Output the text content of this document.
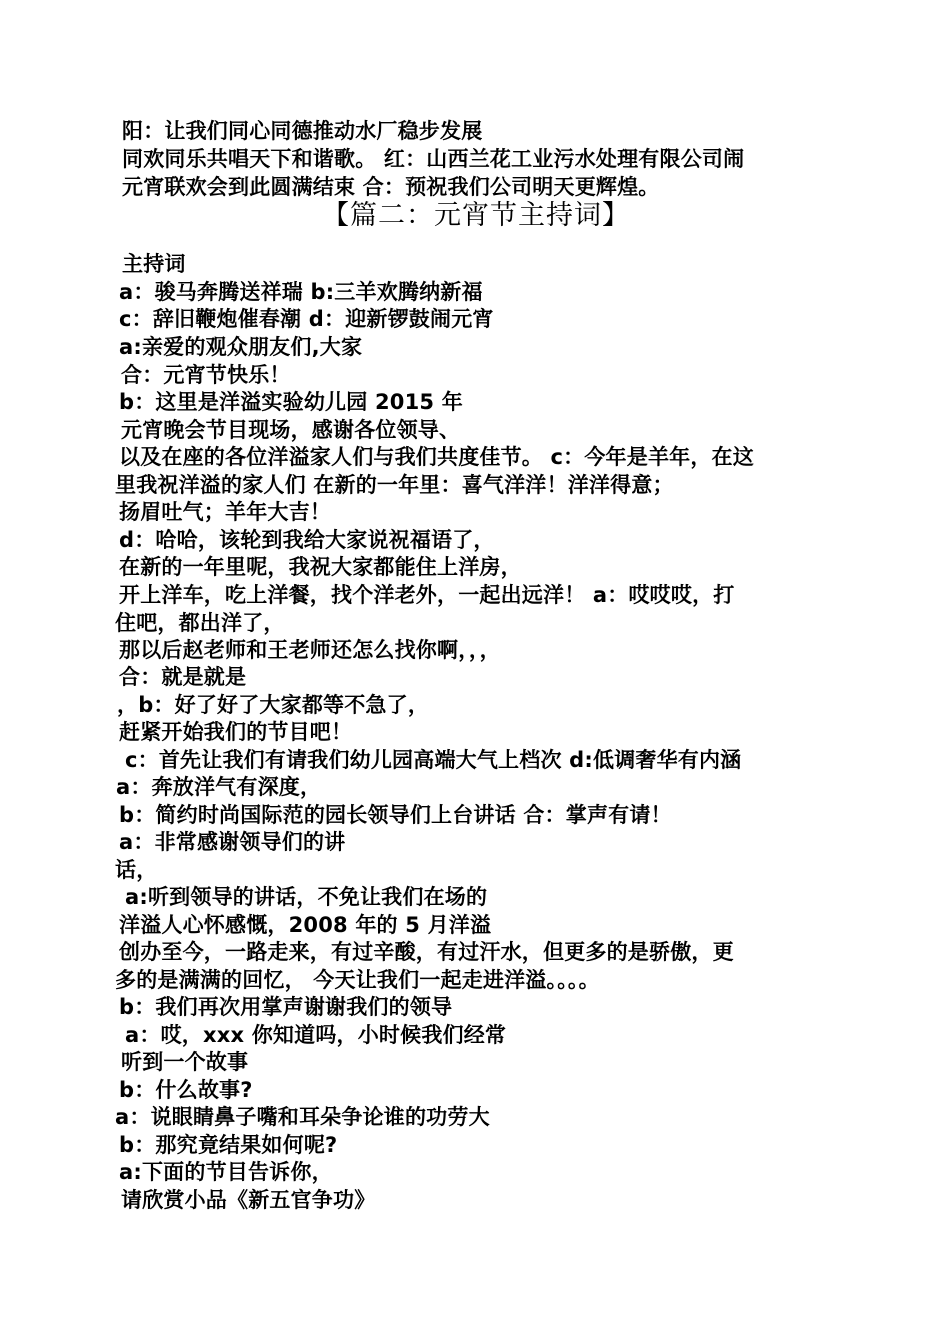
阳：让我们同心同德推动水厂稳步发展
同欢同乐共唱天下和谐歌。 红：山西兰花工业污水处理有限公司闹
元宵联欢会到此圆满结束 合：预祝我们公司明天更辉煌。
【篇二：元宵节主持词】
主持词
a：骏马奔腾送祥瑞 b:三羊欢腾纳新福
c：辞旧鞭炮催春潮 d：迎新锣鼓闹元宵
a:亲爱的观众朋友们,大家
合：元宵节快乐！
b：这里是洋溢实验幼儿园 2015 年
元宵晚会节目现场，感谢各位领导、
以及在座的各位洋溢家人们与我们共度佳节。 c：今年是羊年，在这
里我祝洋溢的家人们 在新的一年里：喜气洋洋！洋洋得意；
扬眉吐气；羊年大吉！
d：哈哈，该轮到我给大家说祝福语了，
在新的一年里呢，我祝大家都能住上洋房，
开上洋车，吃上洋餐，找个洋老外，一起出远洋！ a：哎哎哎，打
住吧，都出洋了，
那以后赵老师和王老师还怎么找你啊，，，
合：就是就是
，b：好了好了大家都等不急了，
赶紧开始我们的节目吧！
c：首先让我们有请我们幼儿园高端大气上档次 d:低调奢华有内涵
a：奔放洋气有深度，
b：简约时尚国际范的园长领导们上台讲话 合：掌声有请！
a：非常感谢领导们的讲
话，
a:听到领导的讲话，不免让我们在场的
洋溢人心怀感慨，2008 年的 5 月洋溢
创办至今，一路走来，有过辛酸，有过汗水，但更多的是骄傲，更
多的是满满的回忆， 今天让我们一起走进洋溢。。。。
b：我们再次用掌声谢谢我们的领导
a：哎，xxx 你知道吗，小时候我们经常
听到一个故事
b：什么故事?
a：说眼睛鼻子嘴和耳朵争论谁的功劳大
b：那究竟结果如何呢?
a:下面的节目告诉你，
请欣赏小品《新五官争功》
